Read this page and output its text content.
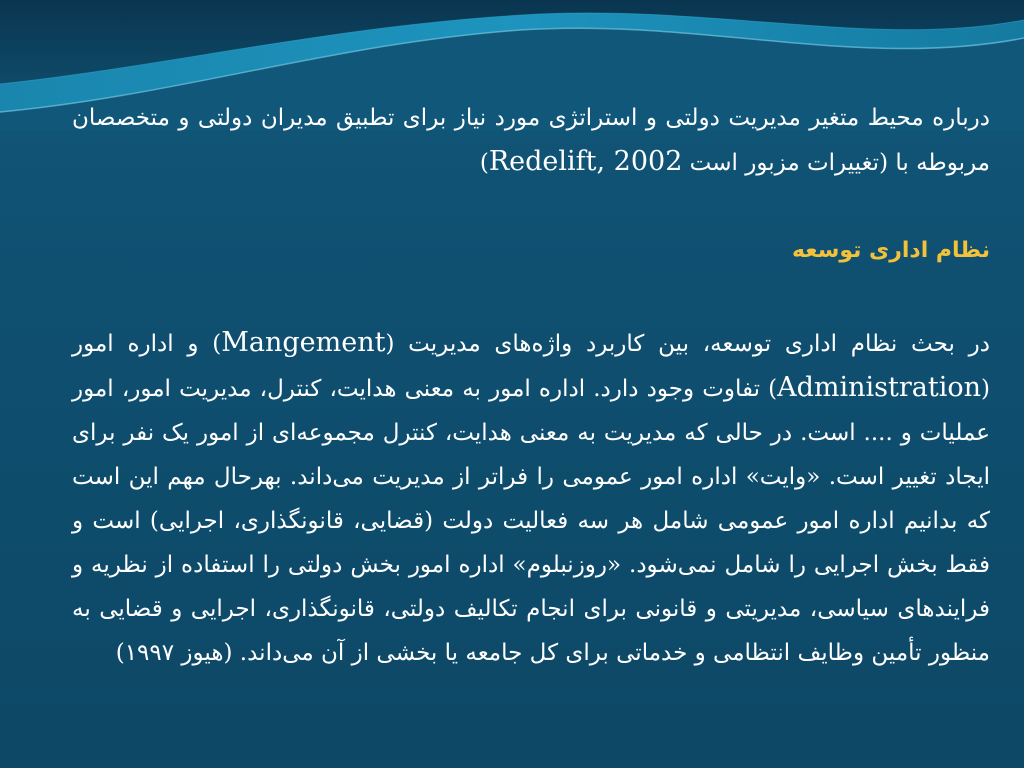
درباره محیط متغیر مدیریت دولتی و استراتژی مورد نیاز برای تطبیق مدیران دولتی و متخصصان مربوطه با (تغییرات مزبور است Redelift, 2002)

نظام اداری توسعه

در بحث نظام اداری توسعه، بین کاربرد واژه‌های مدیریت (Mangement) و اداره امور (Administration) تفاوت وجود دارد. اداره امور به معنی هدایت، کنترل، مدیریت امور، امور عملیات و .... است. در حالی که مدیریت به معنی هدایت، کنترل مجموعه‌ای از امور یک نفر برای ایجاد تغییر است. «وایت» اداره امور عمومی را فراتر از مدیریت می‌داند. بهرحال مهم این است که بدانیم اداره امور عمومی شامل هر سه فعالیت دولت (قضایی، قانونگذاری، اجرایی) است و فقط بخش اجرایی را شامل نمی‌شود. «روزنبلوم» اداره امور بخش دولتی را استفاده از نظریه و فرایندهای سیاسی، مدیریتی و قانونی برای انجام تکالیف دولتی، قانونگذاری، اجرایی و قضایی به منظور تأمین وظایف انتظامی و خدماتی برای کل جامعه یا بخشی از آن می‌داند. (هیوز ۱۹۹۷)
